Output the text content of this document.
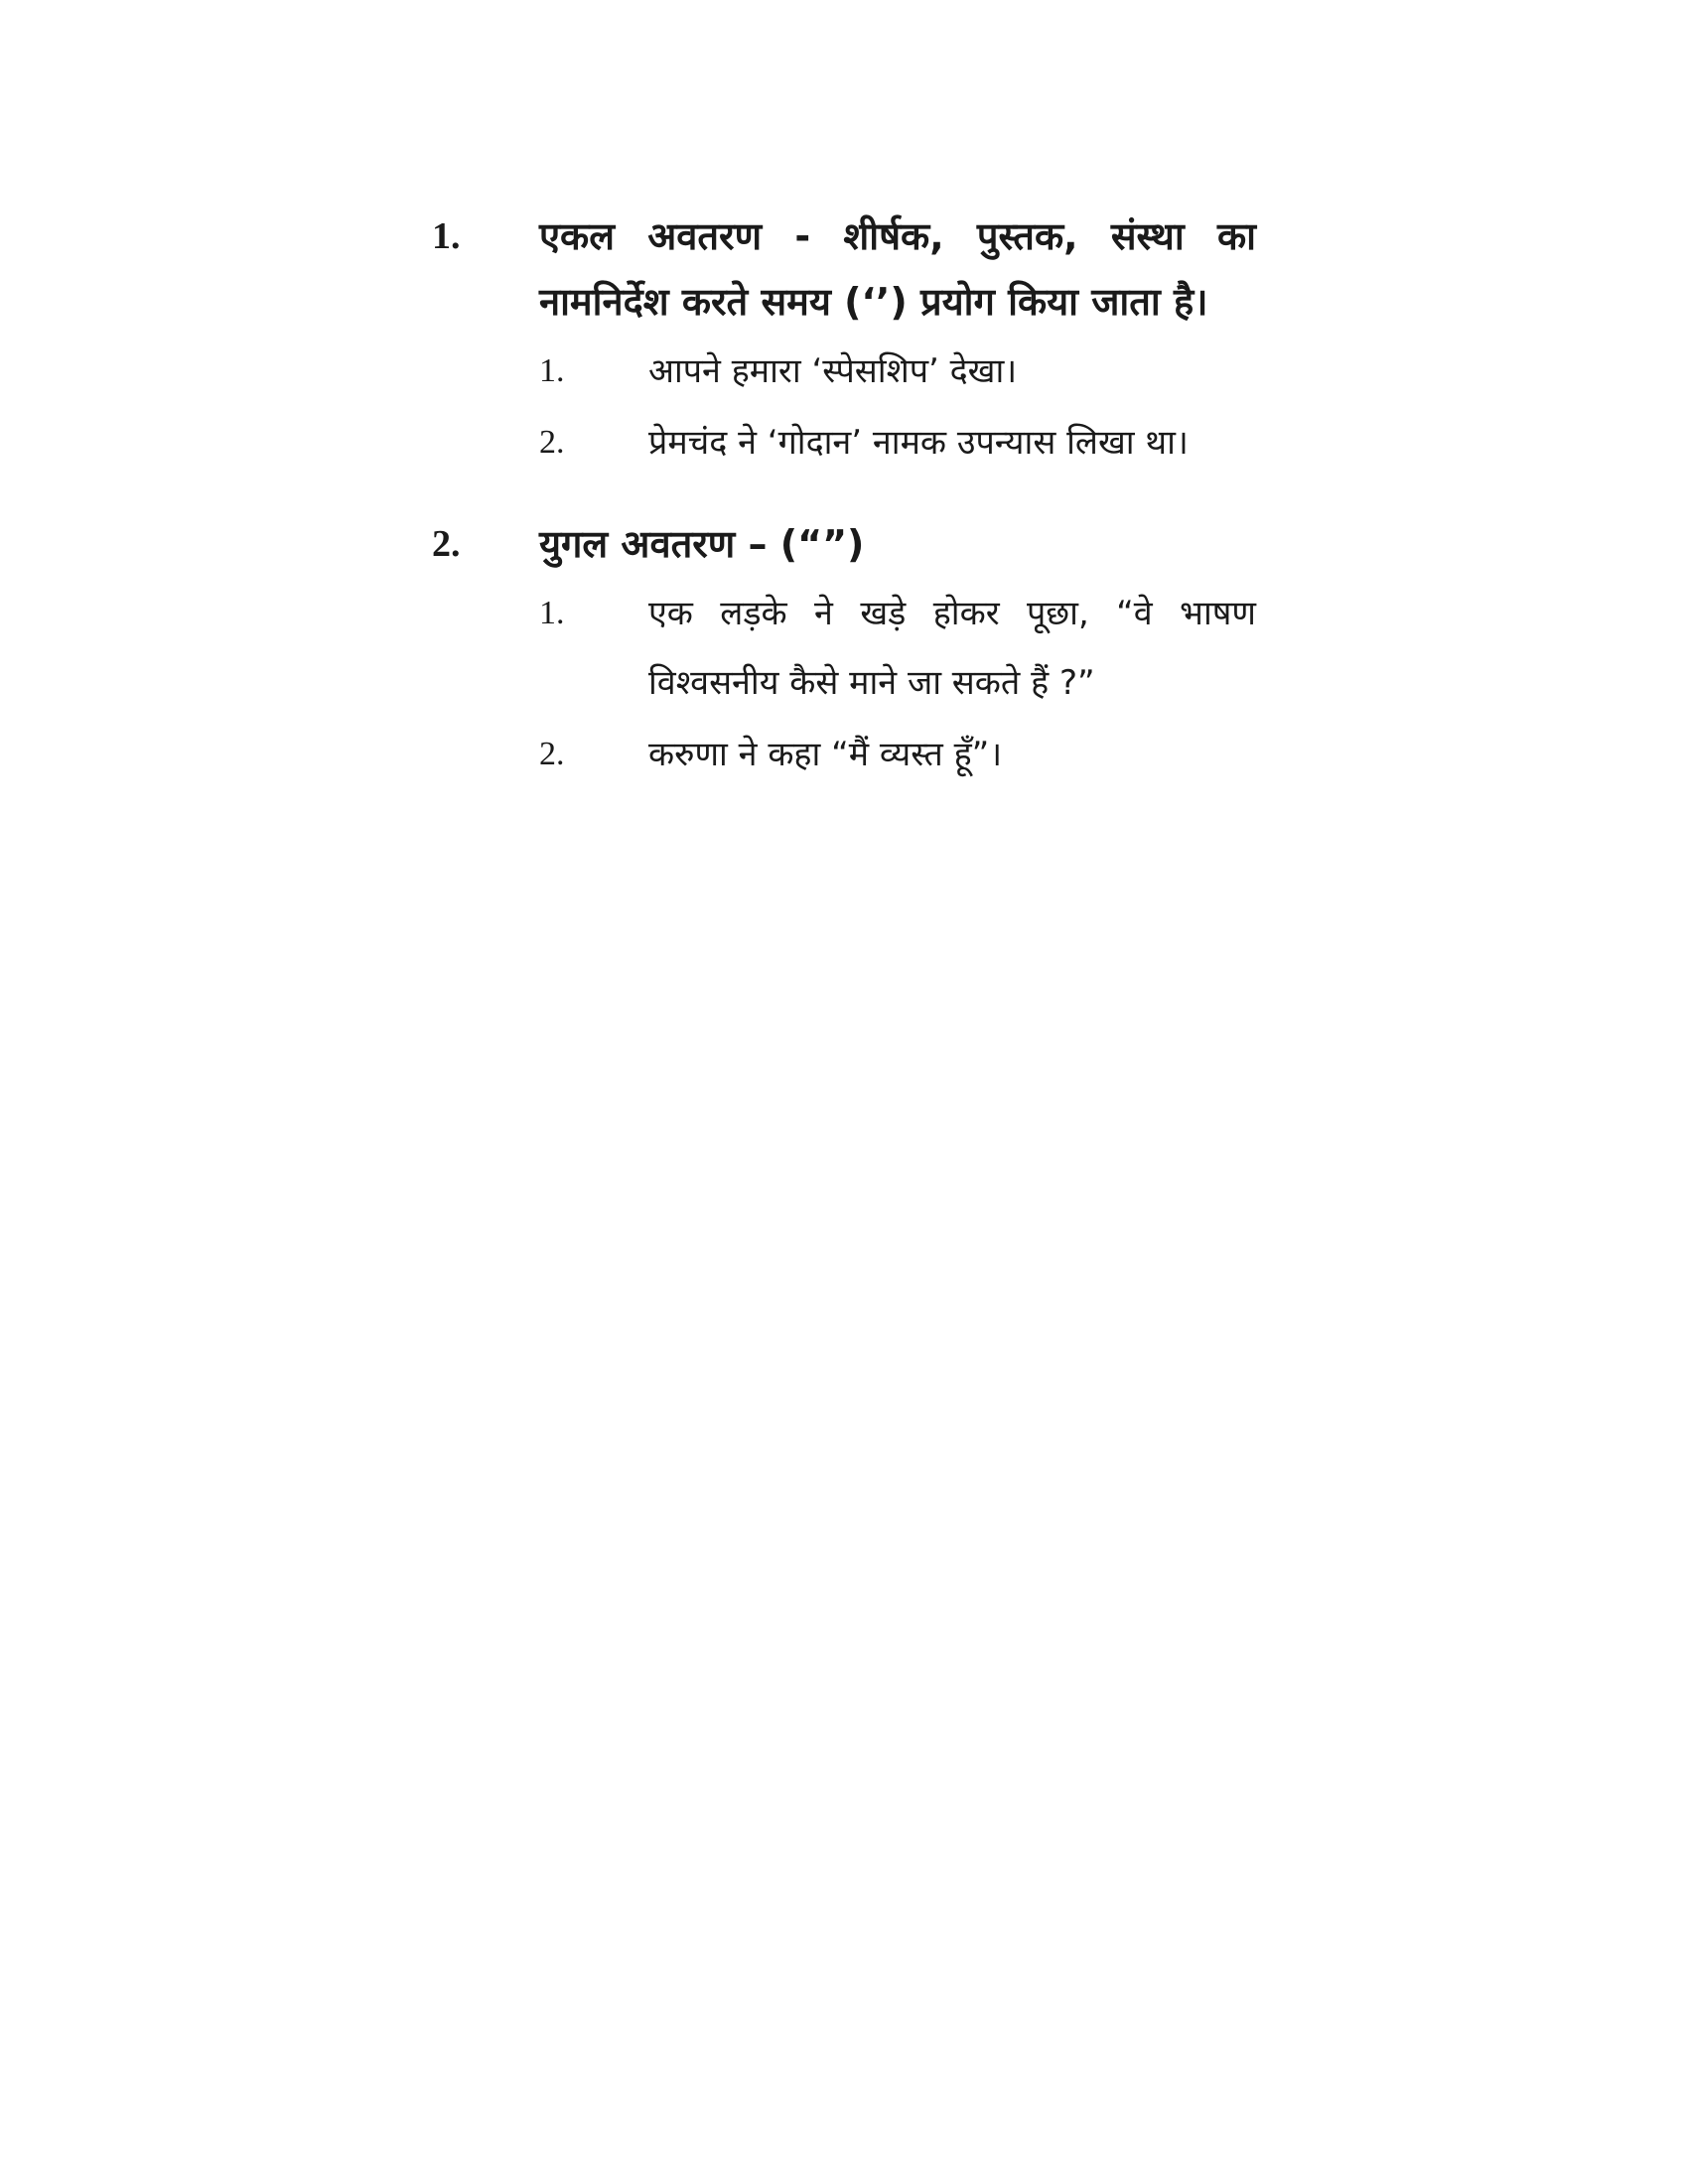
1.	एकल अवतरण - शीर्षक, पुस्तक, संस्था का नामनिर्देश करते समय (‘’) प्रयोग किया जाता है।

1.	आपने हमारा ‘स्पेसशिप’ देखा।
2.	प्रेमचंद ने ‘गोदान’ नामक उपन्यास लिखा था।
2.	युगल अवतरण – (“”)

1.	एक लड़के ने खड़े होकर पूछा, “वे भाषण विश्वसनीय कैसे माने जा सकते हैं ?”
2.	करुणा ने कहा “मैं व्यस्त हूँ”।
